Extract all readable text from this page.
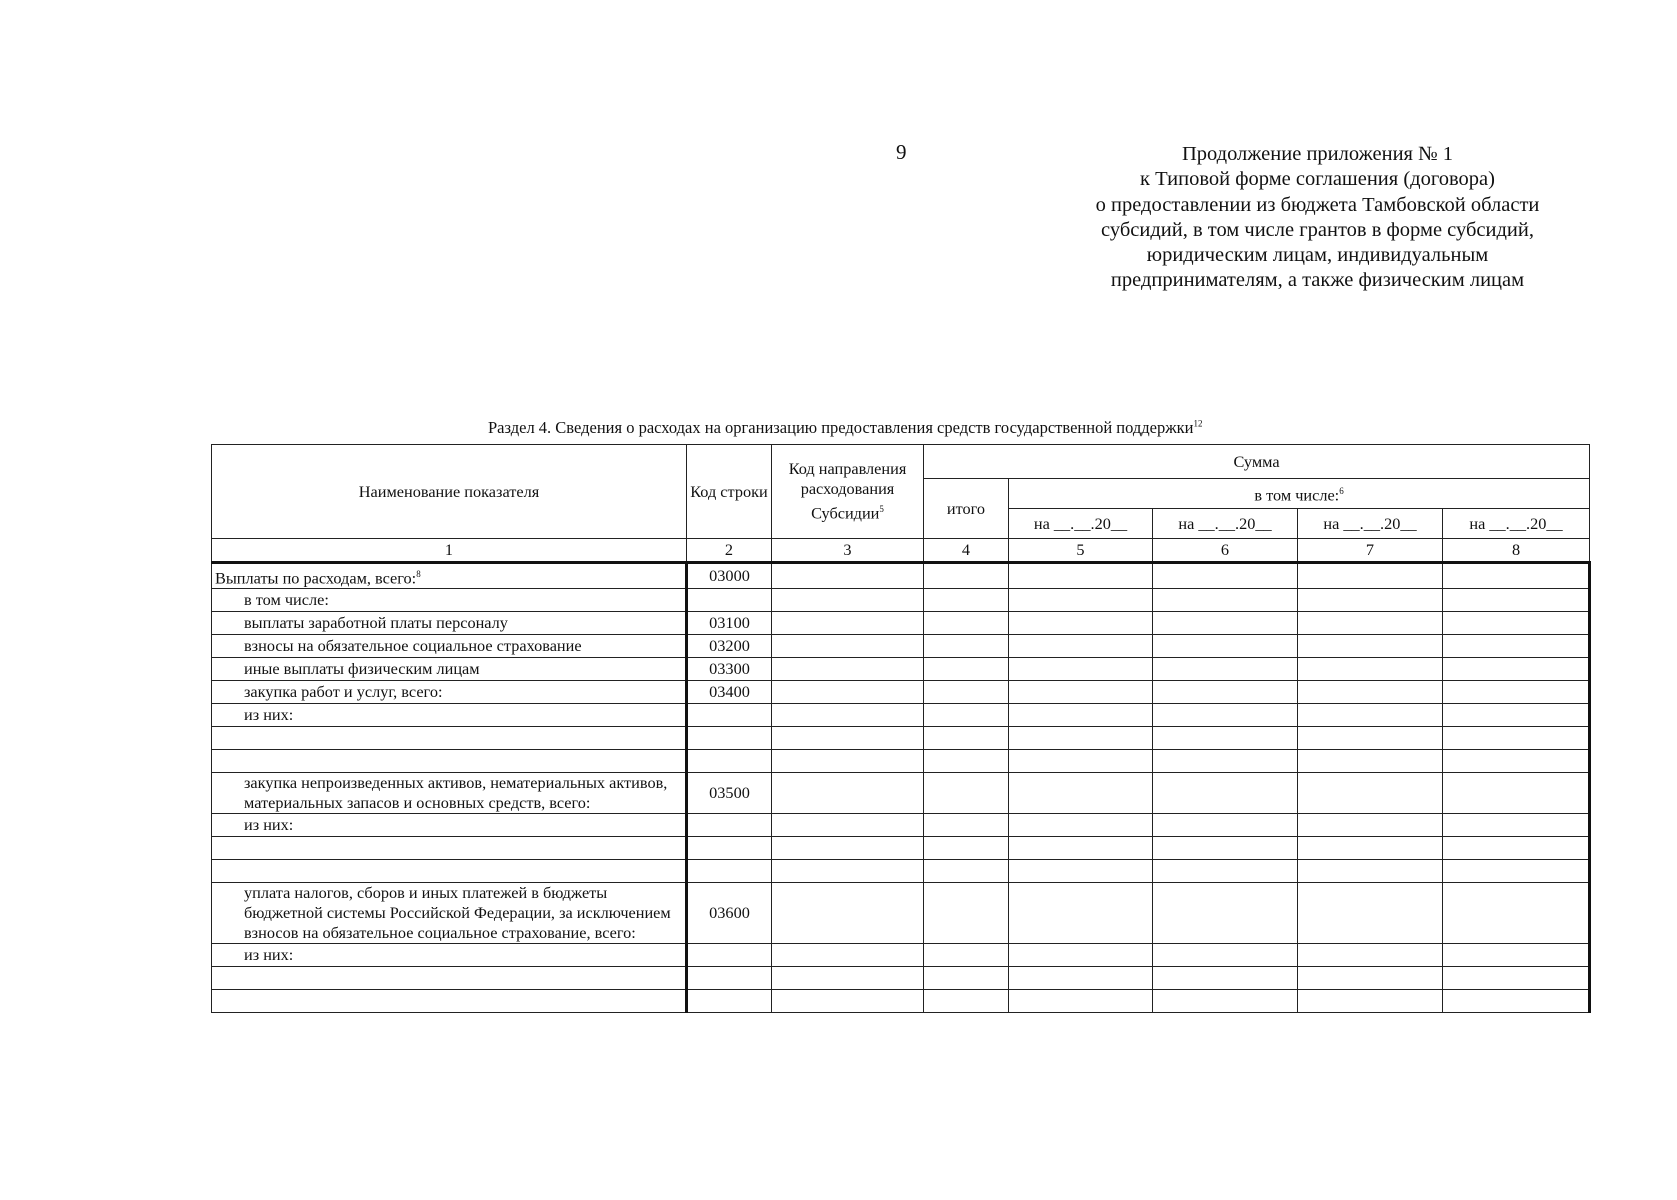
9	Продолжение приложения № 1
к Типовой форме соглашения (договора)
о предоставлении из бюджета Тамбовской области
субсидий, в том числе грантов в форме субсидий,
юридическим лицам, индивидуальным
предпринимателям, а также физическим лицам
Раздел 4. Сведения о расходах на организацию предоставления средств государственной поддержки$^{12}$
Наименование показателя	Код строки	Код направления расходования Субсидии$^5$	Сумма				
			итого	в том числе:$^6$
				на __.__.20__	на __.__.20__	на __.__.20__	на __.__.20__
1	2	3	4	5	6	7	8
Выплаты по расходам, всего:$^8$	03000						
в том числе:							
выплаты заработной платы персоналу	03100						
взносы на обязательное социальное страхование	03200						
иные выплаты физическим лицам	03300						
закупка работ и услуг, всего:	03400						
из них:							

закупка непроизведенных активов, нематериальных активов, материальных запасов и основных средств, всего:	03500						
из них:							

уплата налогов, сборов и иных платежей в бюджеты бюджетной системы Российской Федерации, за исключением взносов на обязательное социальное страхование, всего:	03600						
из них:							
